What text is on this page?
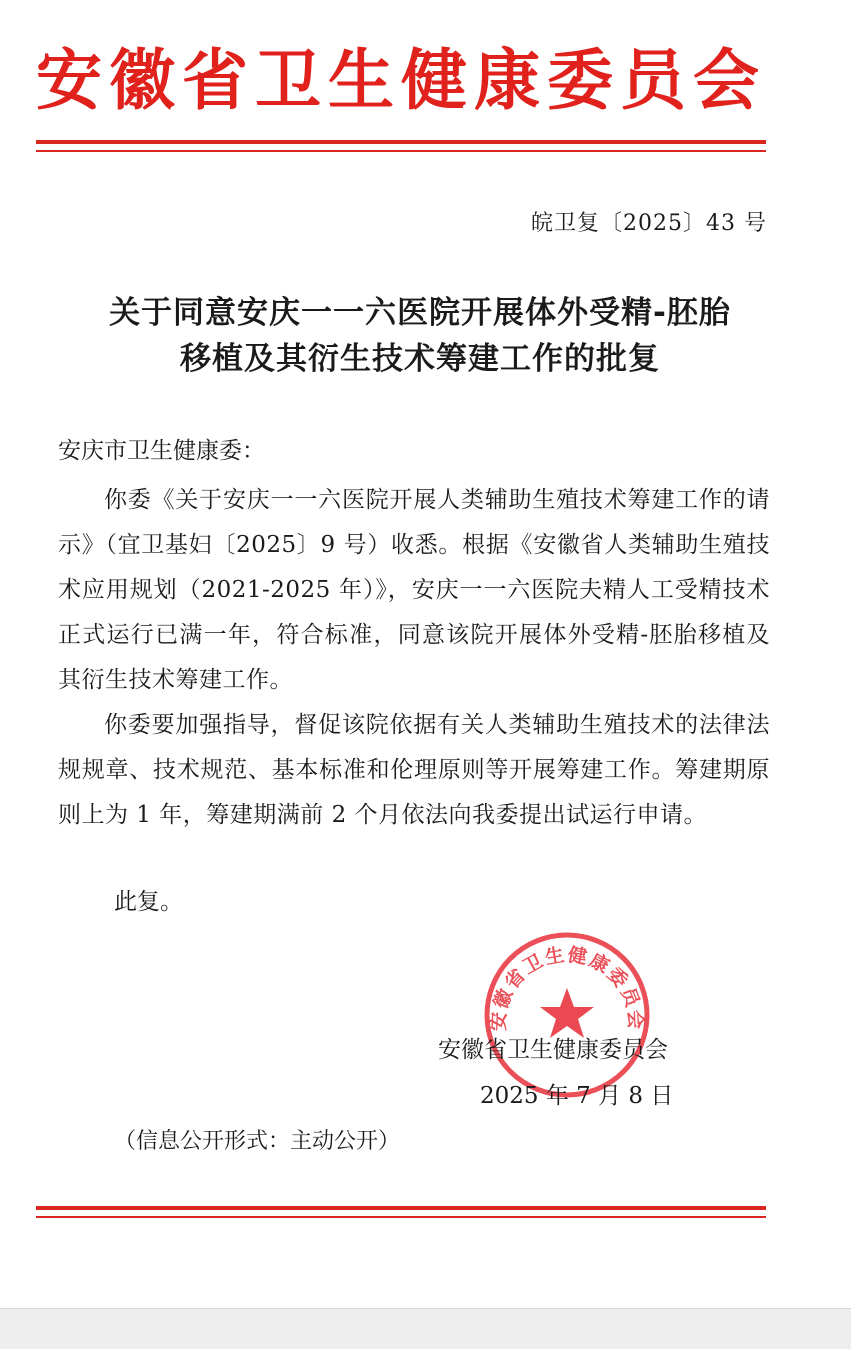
安徽省卫生健康委员会
皖卫复〔2025〕43 号
关于同意安庆一一六医院开展体外受精-胚胎
移植及其衍生技术筹建工作的批复
安庆市卫生健康委：

你委《关于安庆一一六医院开展人类辅助生殖技术筹建工作的请示》（宜卫基妇〔2025〕9 号）收悉。根据《安徽省人类辅助生殖技术应用规划（2021-2025 年）》，安庆一一六医院夫精人工受精技术正式运行已满一年，符合标准，同意该院开展体外受精-胚胎移植及其衍生技术筹建工作。

你委要加强指导，督促该院依据有关人类辅助生殖技术的法律法规规章、技术规范、基本标准和伦理原则等开展筹建工作。筹建期原则上为 1 年，筹建期满前 2 个月依法向我委提出试运行申请。

此复。
安徽省卫生健康委员会
安徽省卫生健康委员会
2025 年 7 月 8 日
（信息公开形式：主动公开）
